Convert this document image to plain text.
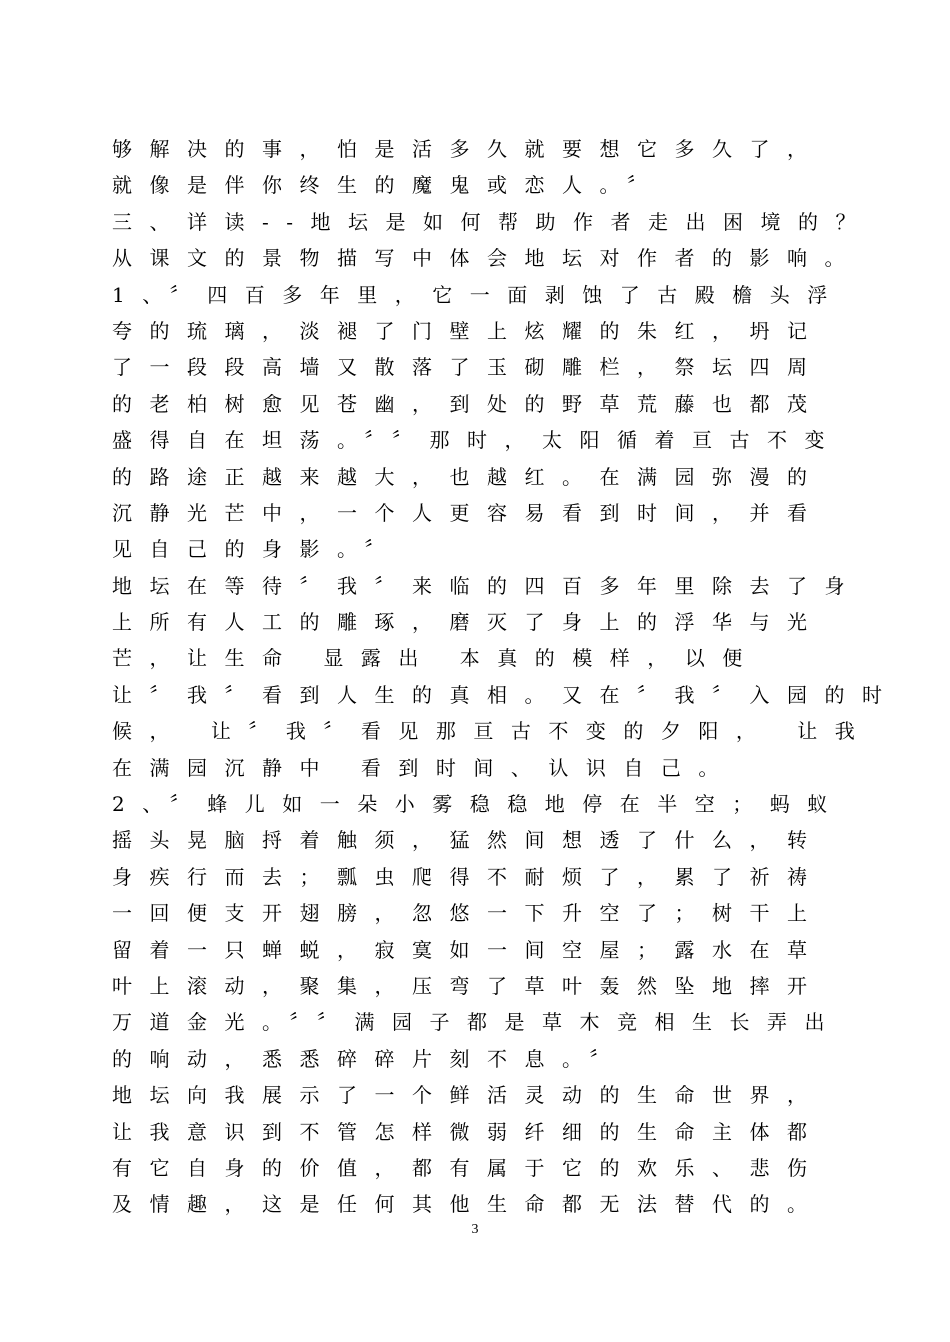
够解决的事，怕是活多久就要想它多久了，
就像是伴你终生的魔鬼或恋人。〞
三、详读--地坛是如何帮助作者走出困境的？
从课文的景物描写中体会地坛对作者的影响。
1、〞四百多年里，它一面剥蚀了古殿檐头浮
夸的琉璃，淡褪了门壁上炫耀的朱红，坍记
了一段段高墙又散落了玉砌雕栏，祭坛四周
的老柏树愈见苍幽，到处的野草荒藤也都茂
盛得自在坦荡。〞〞那时，太阳循着亘古不变
的路途正越来越大，也越红。在满园弥漫的
沉静光芒中，一个人更容易看到时间，并看
见自己的身影。〞
地坛在等待〞我〞来临的四百多年里除去了身
上所有人工的雕琢，磨灭了身上的浮华与光
芒，让生命 显露出 本真的模样，以便
让〞我〞看到人生的真相。又在〞我〞入园的时
候， 让〞我〞看见那亘古不变的夕阳， 让我
在满园沉静中 看到时间、认识自己。
2、〞蜂儿如一朵小雾稳稳地停在半空；蚂蚁
摇头晃脑捋着触须，猛然间想透了什么，转
身疾行而去；瓢虫爬得不耐烦了，累了祈祷
一回便支开翅膀，忽悠一下升空了；树干上
留着一只蝉蜕，寂寞如一间空屋；露水在草
叶上滚动，聚集，压弯了草叶轰然坠地摔开
万道金光。〞〞满园子都是草木竞相生长弄出
的响动，悉悉碎碎片刻不息。〞
地坛向我展示了一个鲜活灵动的生命世界，
让我意识到不管怎样微弱纤细的生命主体都
有它自身的价值，都有属于它的欢乐、悲伤
及情趣，这是任何其他生命都无法替代的。
3
